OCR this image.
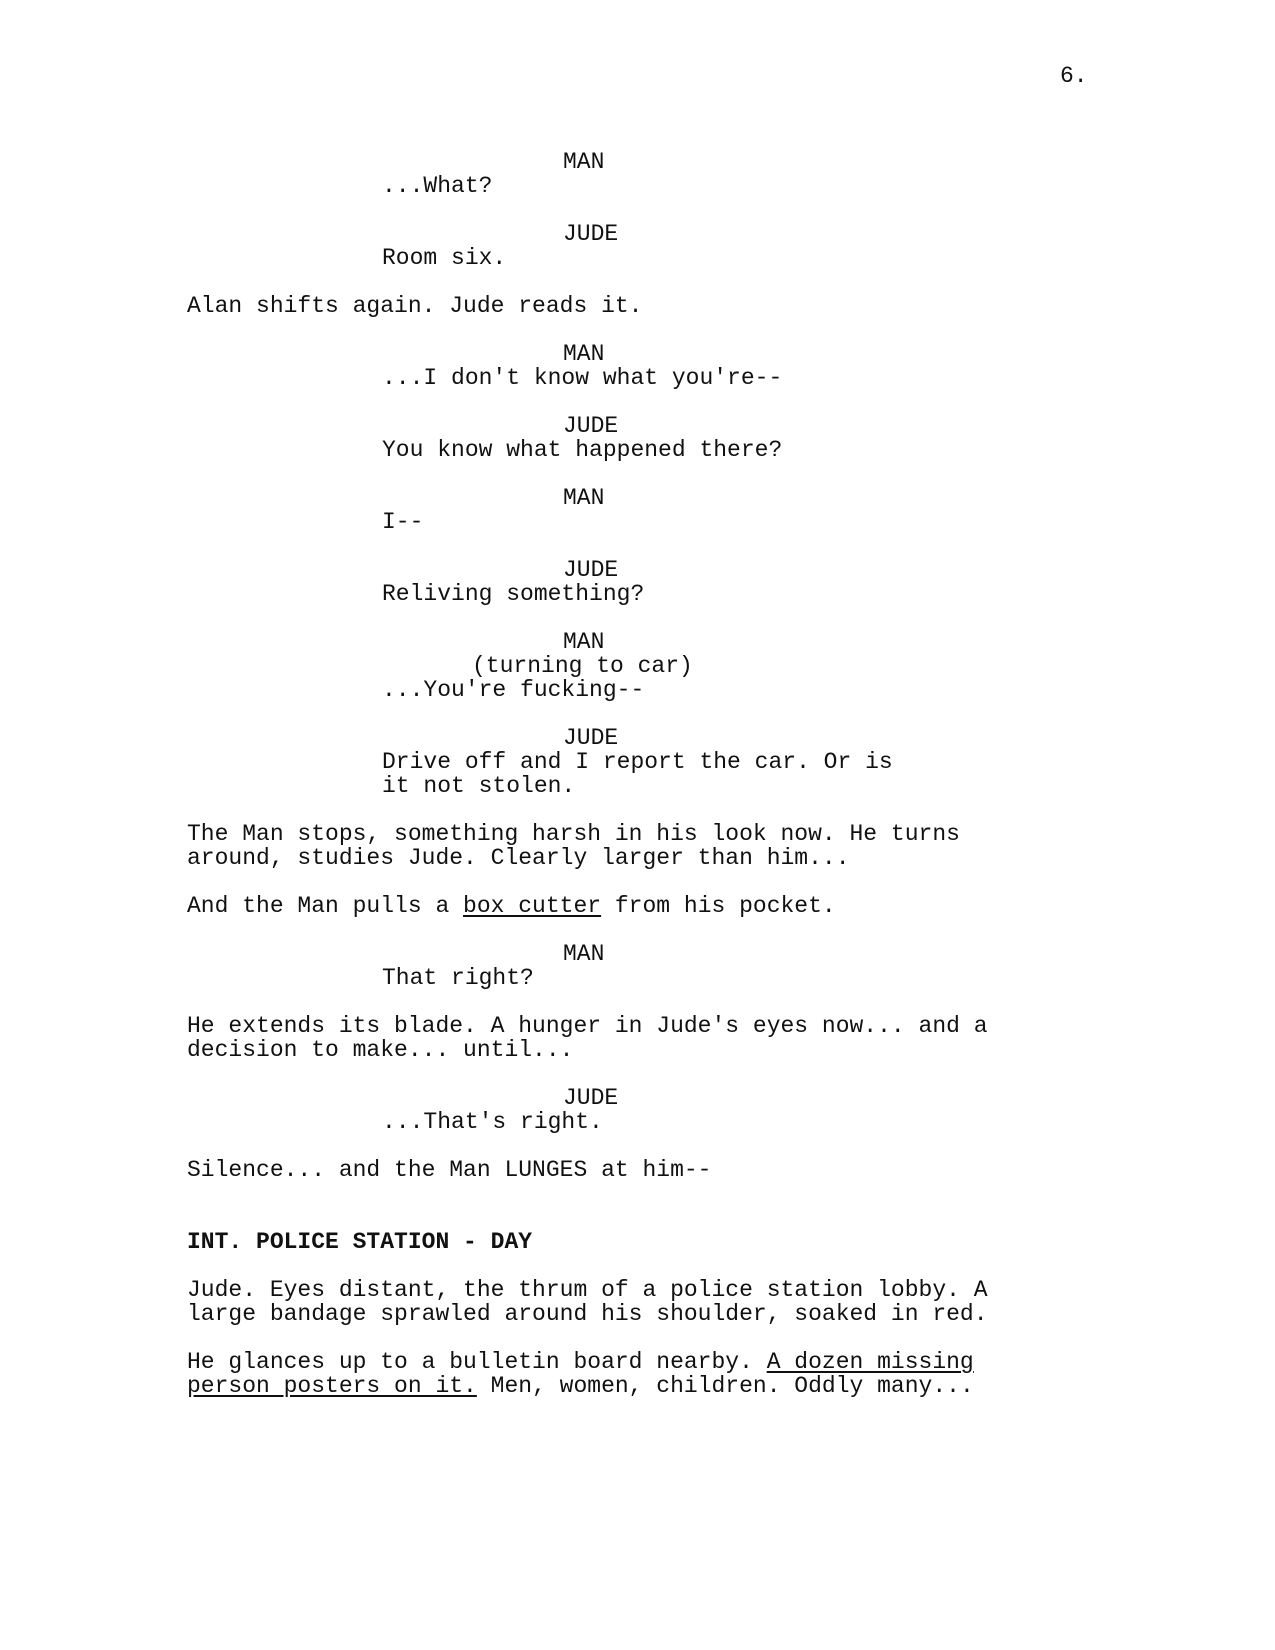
6.
MAN
...What?
JUDE
Room six.
Alan shifts again. Jude reads it.
MAN
...I don't know what you're--
JUDE
You know what happened there?
MAN
I--
JUDE
Reliving something?
MAN
(turning to car)
...You're fucking--
JUDE
Drive off and I report the car. Or is
it not stolen.
The Man stops, something harsh in his look now. He turns
around, studies Jude. Clearly larger than him...
And the Man pulls a box cutter from his pocket.
MAN
That right?
He extends its blade. A hunger in Jude's eyes now... and a
decision to make... until...
JUDE
...That's right.
Silence... and the Man LUNGES at him--
INT. POLICE STATION - DAY
Jude. Eyes distant, the thrum of a police station lobby. A
large bandage sprawled around his shoulder, soaked in red.
He glances up to a bulletin board nearby. A dozen missing
person posters on it. Men, women, children. Oddly many...
